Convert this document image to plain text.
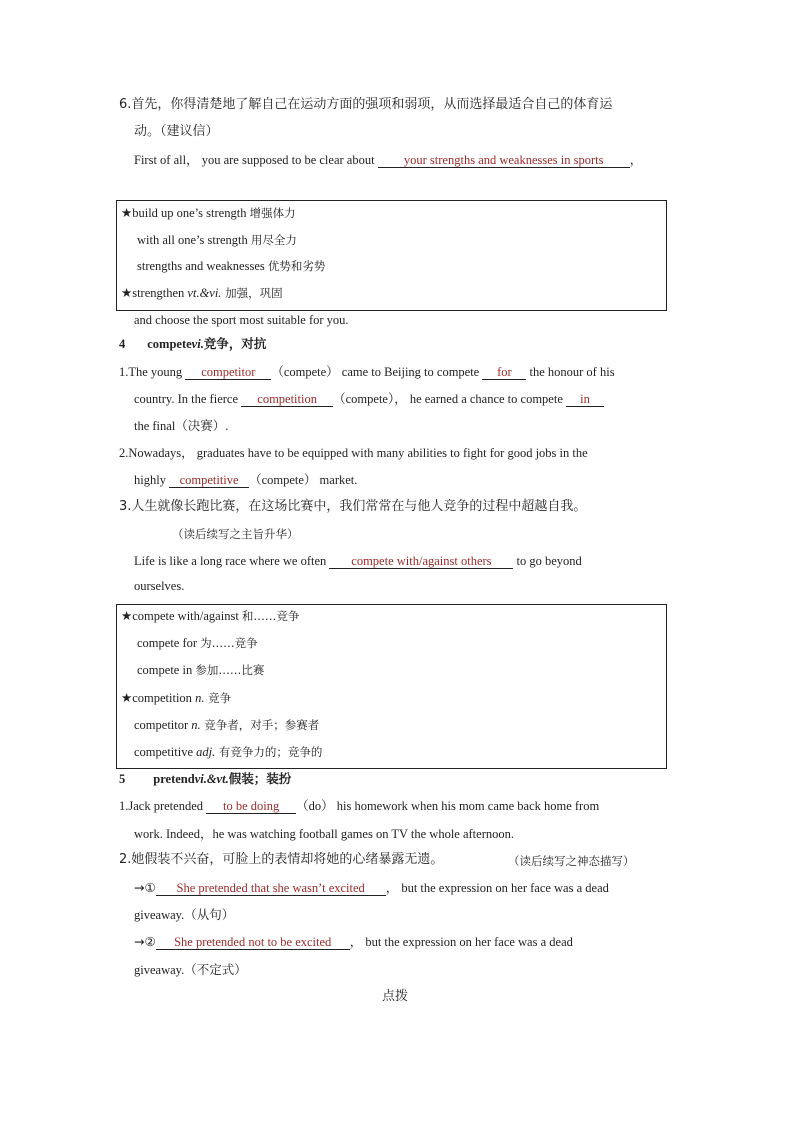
6.首先，你得清楚地了解自己在运动方面的强项和弱项，从而选择最适合自己的体育运
动。（建议信）
First of all， you are supposed to be clear about your strengths and weaknesses in sports ，
★build up one’s strength 增强体力
with all one’s strength 用尽全力
strengths and weaknesses 优势和劣势
★strengthen vt.&vi. 加强，巩固
and choose the sport most suitable for you.
4 competevi.竞争，对抗
1.The young competitor （compete） came to Beijing to compete for the honour of his
country. In the fierce competition （compete）， he earned a chance to compete in
the final（决赛）.
2.Nowadays， graduates have to be equipped with many abilities to fight for good jobs in the
highly competitive （compete） market.
3.人生就像长跑比赛，在这场比赛中，我们常常在与他人竞争的过程中超越自我。
（读后续写之主旨升华）
Life is like a long race where we often compete with/against others to go beyond
ourselves.
★compete with/against 和……竞争
compete for 为……竞争
compete in 参加……比赛
★competition n. 竞争
competitor n. 竞争者，对手；参赛者
competitive adj. 有竞争力的；竞争的
5 pretendvi.&vt.假装；装扮
1.Jack pretended to be doing （do） his homework when his mom came back home from
work. Indeed，he was watching football games on TV the whole afternoon.
2.她假装不兴奋，可脸上的表情却将她的心绪暴露无遗。	（读后续写之神态描写）
→① She pretended that she wasn’t excited ， but the expression on her face was a dead
giveaway.（从句）
→② She pretended not to be excited ， but the expression on her face was a dead
giveaway.（不定式）
点拨
